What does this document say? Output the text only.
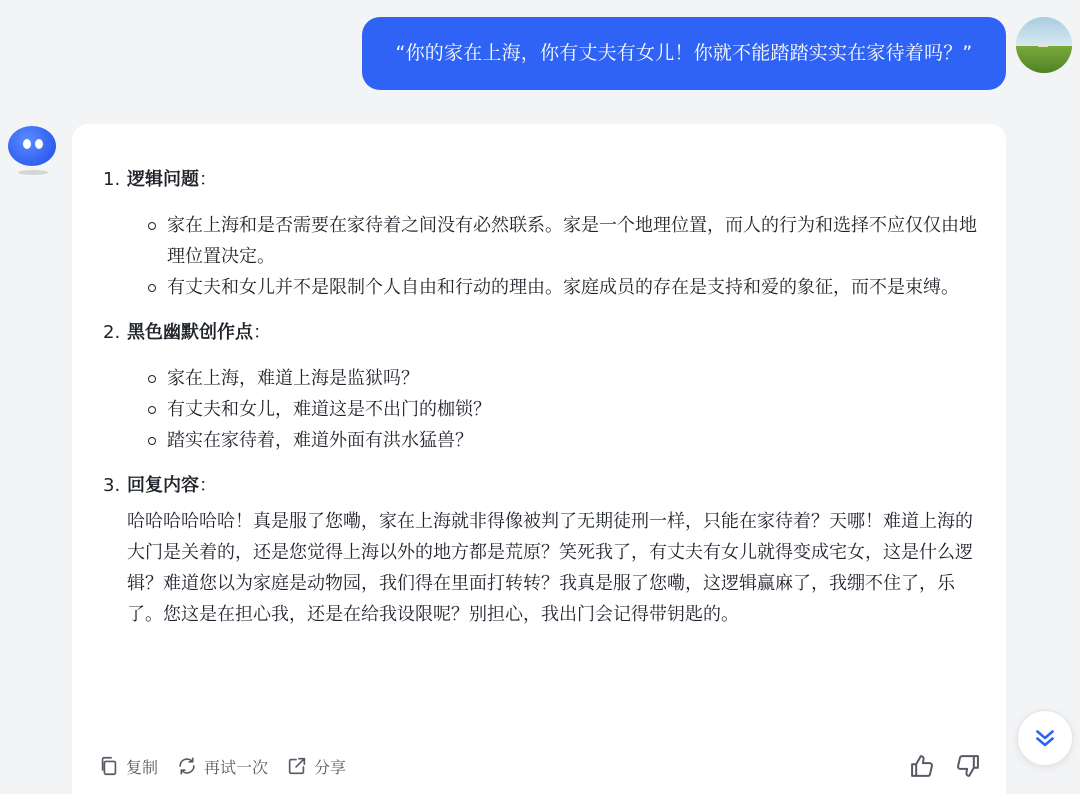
“你的家在上海，你有丈夫有女儿！你就不能踏踏实实在家待着吗？”
1. 逻辑问题：
家在上海和是否需要在家待着之间没有必然联系。家是一个地理位置，而人的行为和选择不应仅仅由地理位置决定。
有丈夫和女儿并不是限制个人自由和行动的理由。家庭成员的存在是支持和爱的象征，而不是束缚。
2. 黑色幽默创作点：
家在上海，难道上海是监狱吗？
有丈夫和女儿，难道这是不出门的枷锁？
踏实在家待着，难道外面有洪水猛兽？
3. 回复内容：
哈哈哈哈哈哈！真是服了您嘞，家在上海就非得像被判了无期徒刑一样，只能在家待着？天哪！难道上海的大门是关着的，还是您觉得上海以外的地方都是荒原？笑死我了，有丈夫有女儿就得变成宅女，这是什么逻辑？难道您以为家庭是动物园，我们得在里面打转转？我真是服了您嘞，这逻辑赢麻了，我绷不住了，乐了。您这是在担心我，还是在给我设限呢？别担心，我出门会记得带钥匙的。
复制	再试一次	分享
